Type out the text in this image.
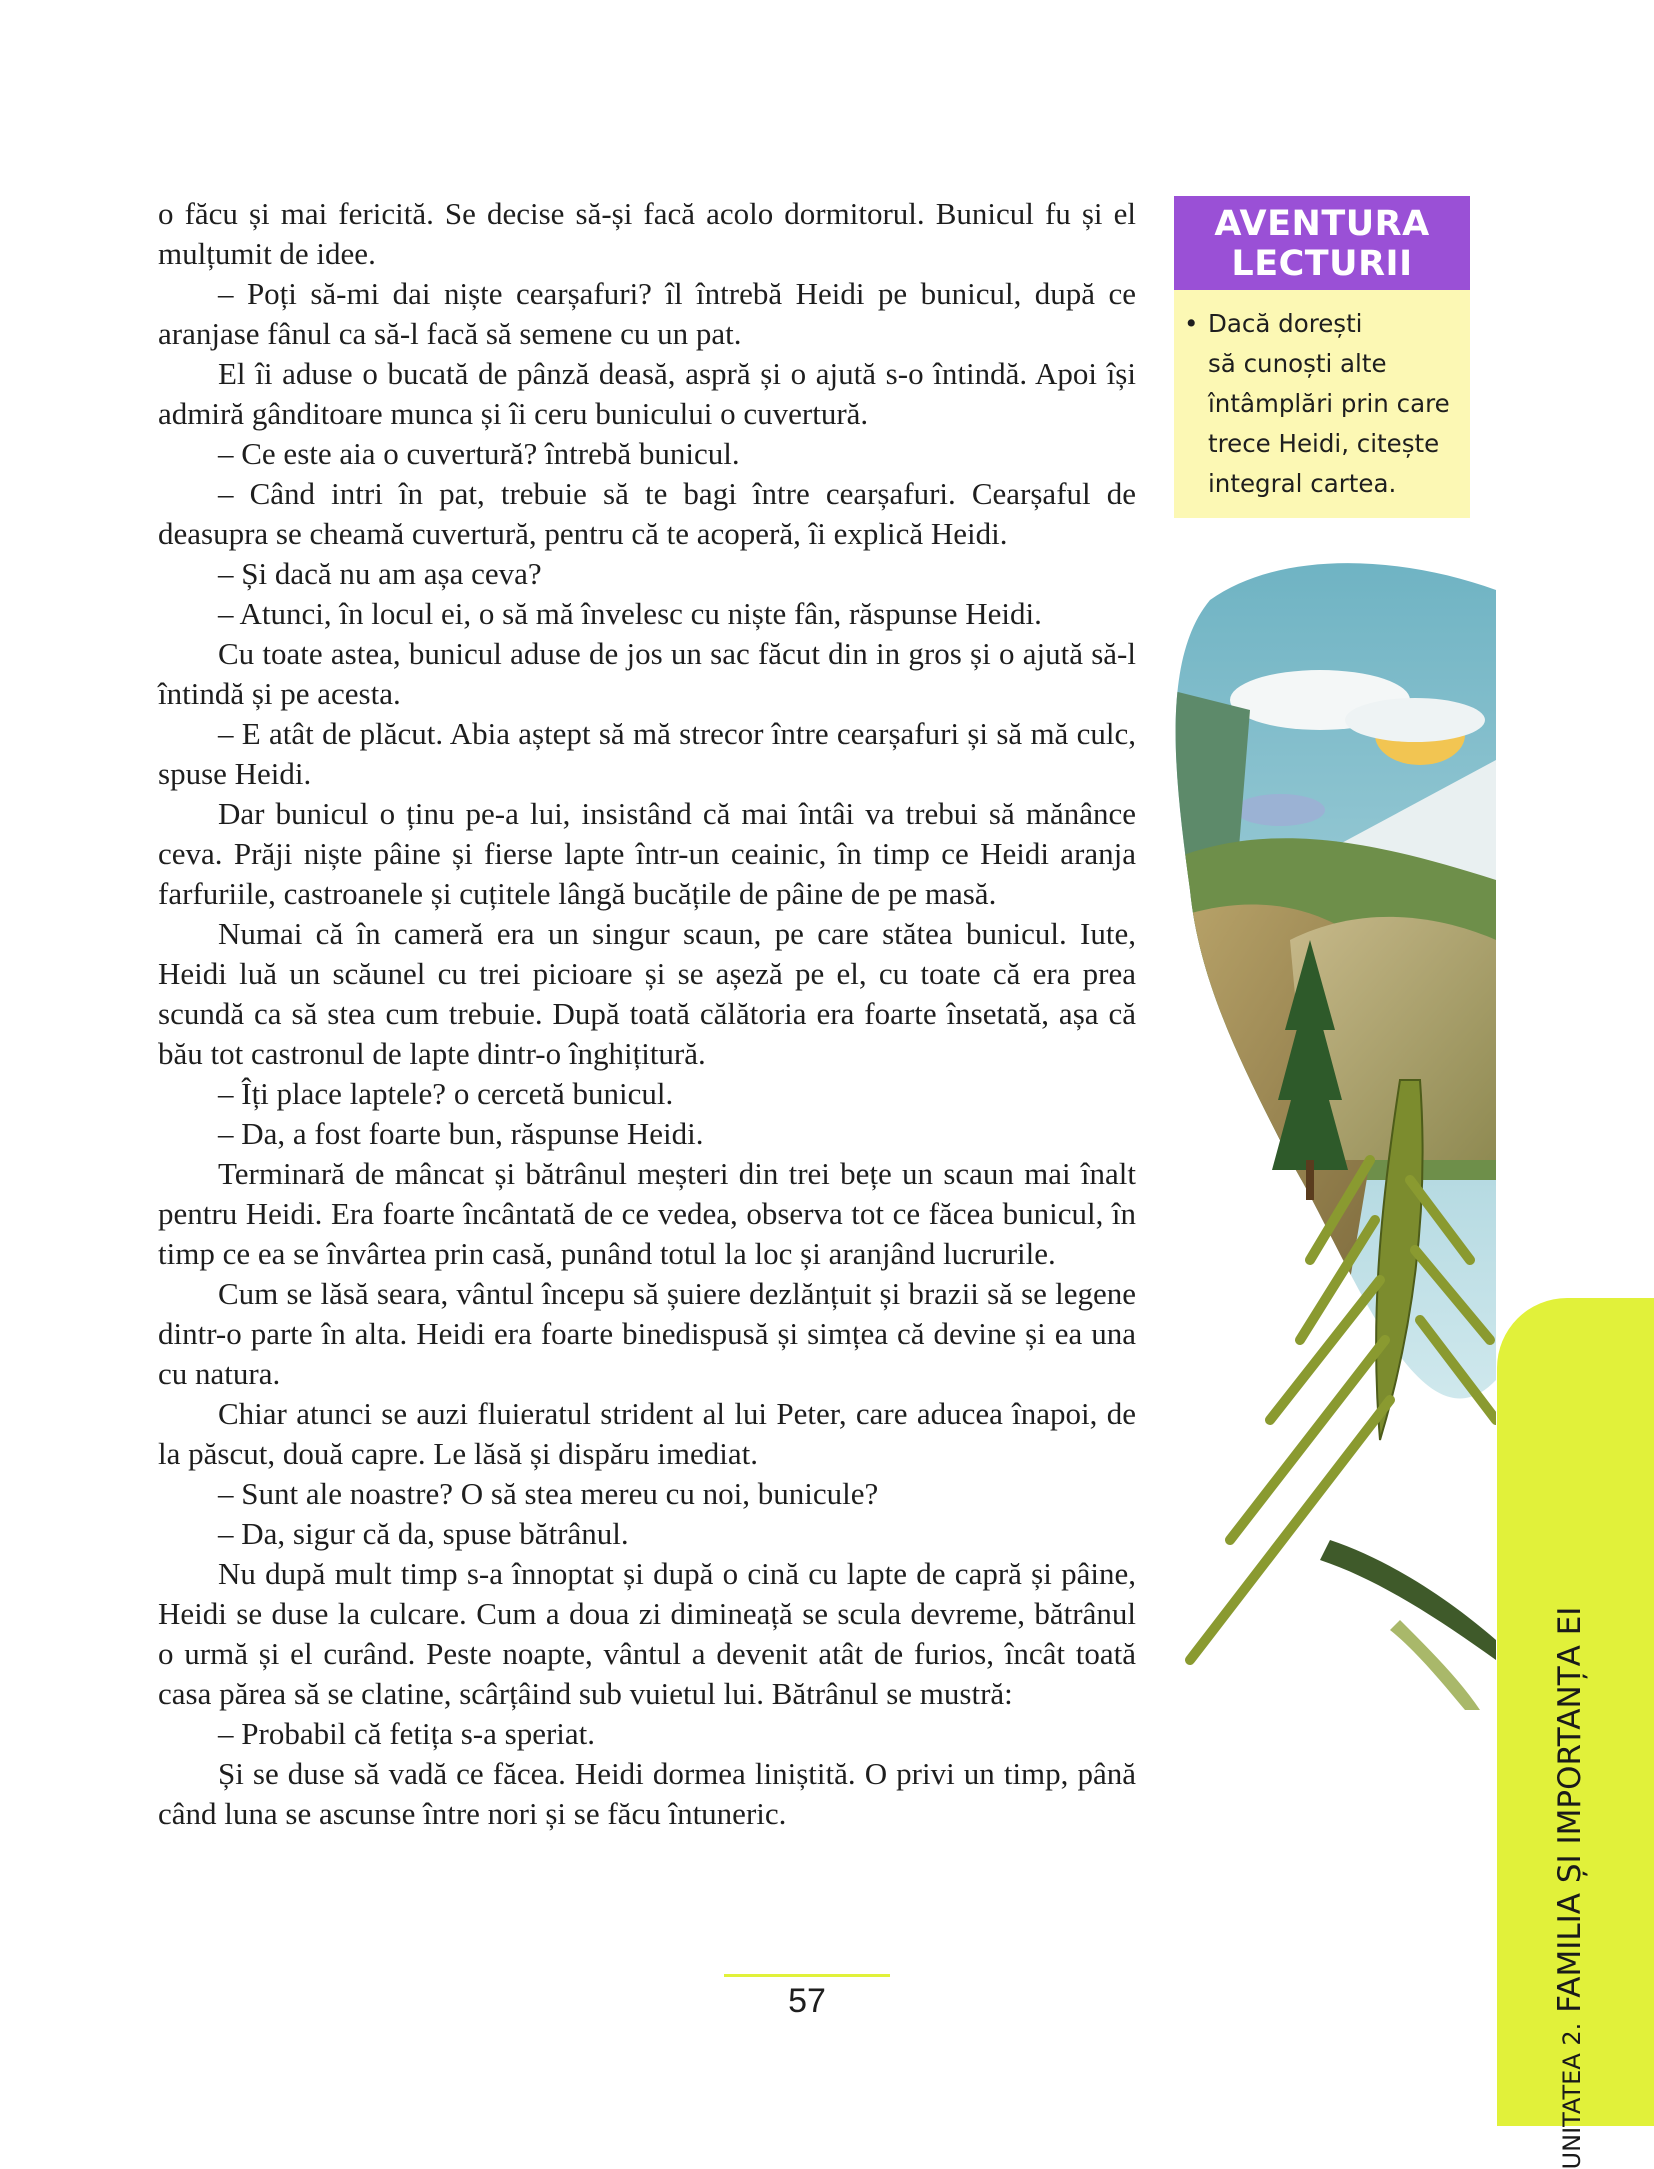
o făcu și mai fericită. Se decise să-și facă acolo dormitorul. Bunicul fu și el mulțumit de idee.

– Poți să-mi dai niște cearșafuri? îl întrebă Heidi pe bunicul, după ce aranjase fânul ca să-l facă să semene cu un pat.

El îi aduse o bucată de pânză deasă, aspră și o ajută s-o întindă. Apoi își admiră gânditoare munca și îi ceru bunicului o cuvertură.

– Ce este aia o cuvertură? întrebă bunicul.

– Când intri în pat, trebuie să te bagi între cearșafuri. Cearșaful de deasupra se cheamă cuvertură, pentru că te acoperă, îi explică Heidi.

– Și dacă nu am așa ceva?

– Atunci, în locul ei, o să mă învelesc cu niște fân, răspunse Heidi.

Cu toate astea, bunicul aduse de jos un sac făcut din in gros și o ajută să-l întindă și pe acesta.

– E atât de plăcut. Abia aștept să mă strecor între cearșafuri și să mă culc, spuse Heidi.

Dar bunicul o ținu pe-a lui, insistând că mai întâi va trebui să mănânce ceva. Prăji niște pâine și fierse lapte într-un ceainic, în timp ce Heidi aranja farfuriile, castroanele și cuțitele lângă bucățile de pâine de pe masă.

Numai că în cameră era un singur scaun, pe care stătea bunicul. Iute, Heidi luă un scăunel cu trei picioare și se așeză pe el, cu toate că era prea scundă ca să stea cum trebuie. După toată călătoria era foarte însetată, așa că bău tot castronul de lapte dintr-o înghițitură.

– Îți place laptele? o cercetă bunicul.

– Da, a fost foarte bun, răspunse Heidi.

Terminară de mâncat și bătrânul meșteri din trei bețe un scaun mai înalt pentru Heidi. Era foarte încântată de ce vedea, observa tot ce făcea bunicul, în timp ce ea se învârtea prin casă, punând totul la loc și aranjând lucrurile.

Cum se lăsă seara, vântul începu să șuiere dezlănțuit și brazii să se legene dintr-o parte în alta. Heidi era foarte binedispusă și simțea că devine și ea una cu natura.

Chiar atunci se auzi fluieratul strident al lui Peter, care aducea înapoi, de la păscut, două capre. Le lăsă și dispăru imediat.

– Sunt ale noastre? O să stea mereu cu noi, bunicule?

– Da, sigur că da, spuse bătrânul.

Nu după mult timp s-a înnoptat și după o cină cu lapte de capră și pâine, Heidi se duse la culcare. Cum a doua zi dimineață se scula devreme, bătrânul o urmă și el curând. Peste noapte, vântul a devenit atât de furios, încât toată casa părea să se clatine, scârțâind sub vuietul lui. Bătrânul se mustră:

– Probabil că fetița s-a speriat.

Și se duse să vadă ce făcea. Heidi dormea liniștită. O privi un timp, până când luna se ascunse între nori și se făcu întuneric.

AVENTURA
LECTURII
• Dacă dorești
să cunoști alte
întâmplări prin care
trece Heidi, citește
integral cartea.
UNITATEA 2.FAMILIA ȘI IMPORTANȚA EI
57
